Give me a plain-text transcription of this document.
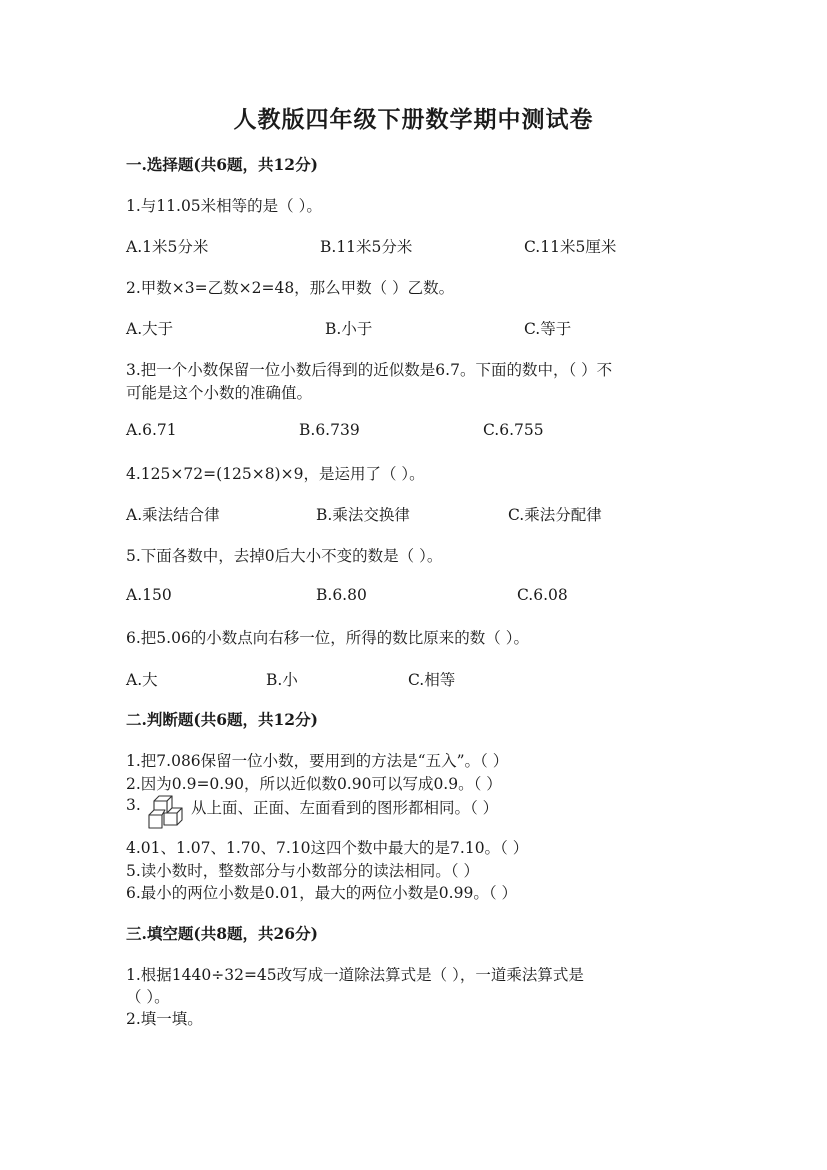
人教版四年级下册数学期中测试卷
一.选择题(共6题，共12分)
1.与11.05米相等的是（ ）。
A.1米5分米	B.11米5分米	C.11米5厘米
2.甲数×3=乙数×2=48，那么甲数（ ）乙数。
A.大于	B.小于	C.等于
3.把一个小数保留一位小数后得到的近似数是6.7。下面的数中，（ ）不
可能是这个小数的准确值。
A.6.71	B.6.739	C.6.755
4.125×72=(125×8)×9，是运用了（ ）。
A.乘法结合律	B.乘法交换律	C.乘法分配律
5.下面各数中，去掉0后大小不变的数是（ ）。
A.150	B.6.80	C.6.08
6.把5.06的小数点向右移一位，所得的数比原来的数（ ）。
A.大	B.小	C.相等
二.判断题(共6题，共12分)
1.把7.086保留一位小数，要用到的方法是“五入”。（ ）
2.因为0.9=0.90，所以近似数0.90可以写成0.9。（ ）
3.	从上面、正面、左面看到的图形都相同。（ ）
4.01、1.07、1.70、7.10这四个数中最大的是7.10。（ ）
5.读小数时，整数部分与小数部分的读法相同。（ ）
6.最小的两位小数是0.01，最大的两位小数是0.99。（ ）
三.填空题(共8题，共26分)
1.根据1440÷32=45改写成一道除法算式是（ ），一道乘法算式是
（ ）。
2.填一填。
